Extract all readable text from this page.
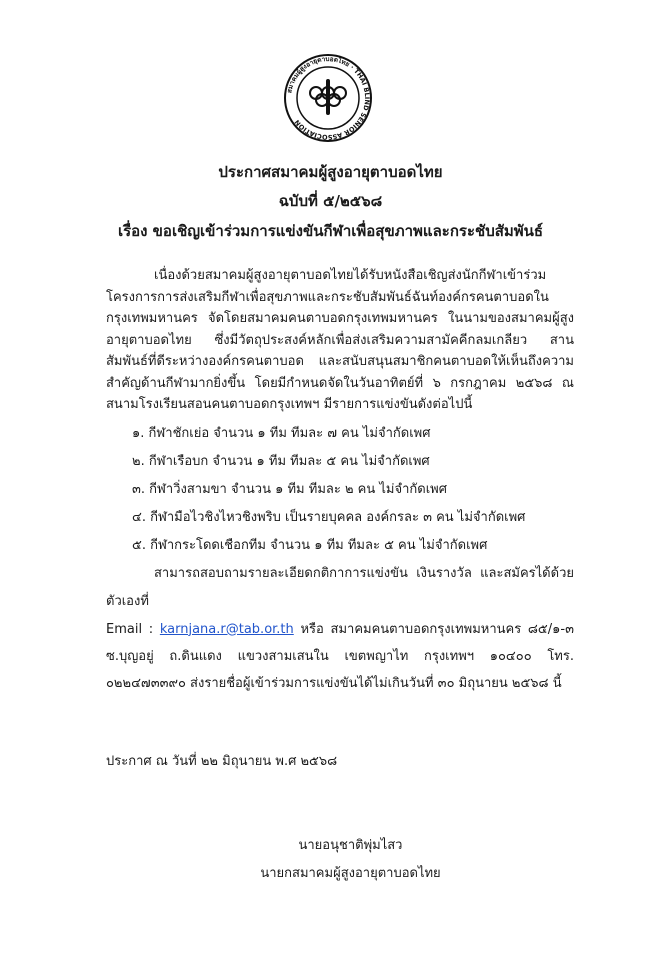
สมาคมผู้สูงอายุตาบอดไทย · THAI BLIND SENIOR ASSOCIATION
ประกาศสมาคมผู้สูงอายุตาบอดไทย
ฉบับที่ ๕/๒๕๖๘
เรื่อง ขอเชิญเข้าร่วมการแข่งขันกีฬาเพื่อสุขภาพและกระชับสัมพันธ์

เนื่องด้วยสมาคมผู้สูงอายุตาบอดไทยได้รับหนังสือเชิญส่งนักกีฬาเข้าร่วมโครงการการส่งเสริมกีฬาเพื่อสุขภาพและกระชับสัมพันธ์ฉันท์องค์กรคนตาบอดในกรุงเทพมหานคร จัดโดยสมาคมคนตาบอดกรุงเทพมหานคร ในนามของสมาคมผู้สูงอายุตาบอดไทย ซึ่งมีวัตถุประสงค์หลักเพื่อส่งเสริมความสามัคคีกลมเกลียว สานสัมพันธ์ที่ดีระหว่างองค์กรคนตาบอด และสนับสนุนสมาชิกคนตาบอดให้เห็นถึงความสำคัญด้านกีฬามากยิ่งขึ้น โดยมีกำหนดจัดในวันอาทิตย์ที่ ๖ กรกฎาคม ๒๕๖๘ ณ สนามโรงเรียนสอนคนตาบอดกรุงเทพฯ มีรายการแข่งขันดังต่อไปนี้

๑. กีฬาชักเย่อ จำนวน ๑ ทีม ทีมละ ๗ คน ไม่จำกัดเพศ
๒. กีฬาเรือบก จำนวน ๑ ทีม ทีมละ ๕ คน ไม่จำกัดเพศ
๓. กีฬาวิ่งสามขา จำนวน ๑ ทีม ทีมละ ๒ คน ไม่จำกัดเพศ
๔. กีฬามือไวชิงไหวชิงพริบ เป็นรายบุคคล องค์กรละ ๓ คน ไม่จำกัดเพศ
๕. กีฬากระโดดเชือกทีม จำนวน ๑ ทีม ทีมละ ๕ คน ไม่จำกัดเพศ

สามารถสอบถามรายละเอียดกติกาการแข่งขัน เงินรางวัล และสมัครได้ด้วยตัวเองที่

Email : karnjana.r@tab.or.th หรือ สมาคมคนตาบอดกรุงเทพมหานคร ๘๕/๑-๓ ซ.บุญอยู่ ถ.ดินแดง แขวงสามเสนใน เขตพญาไท กรุงเทพฯ ๑๐๔๐๐ โทร. ๐๒๒๔๗๓๓๙๐ ส่งรายชื่อผู้เข้าร่วมการแข่งขันได้ไม่เกินวันที่ ๓๐ มิถุนายน ๒๕๖๘ นี้

ประกาศ ณ วันที่ ๒๒ มิถุนายน พ.ศ ๒๕๖๘
นายอนุชาติพุ่มไสว
นายกสมาคมผู้สูงอายุตาบอดไทย
